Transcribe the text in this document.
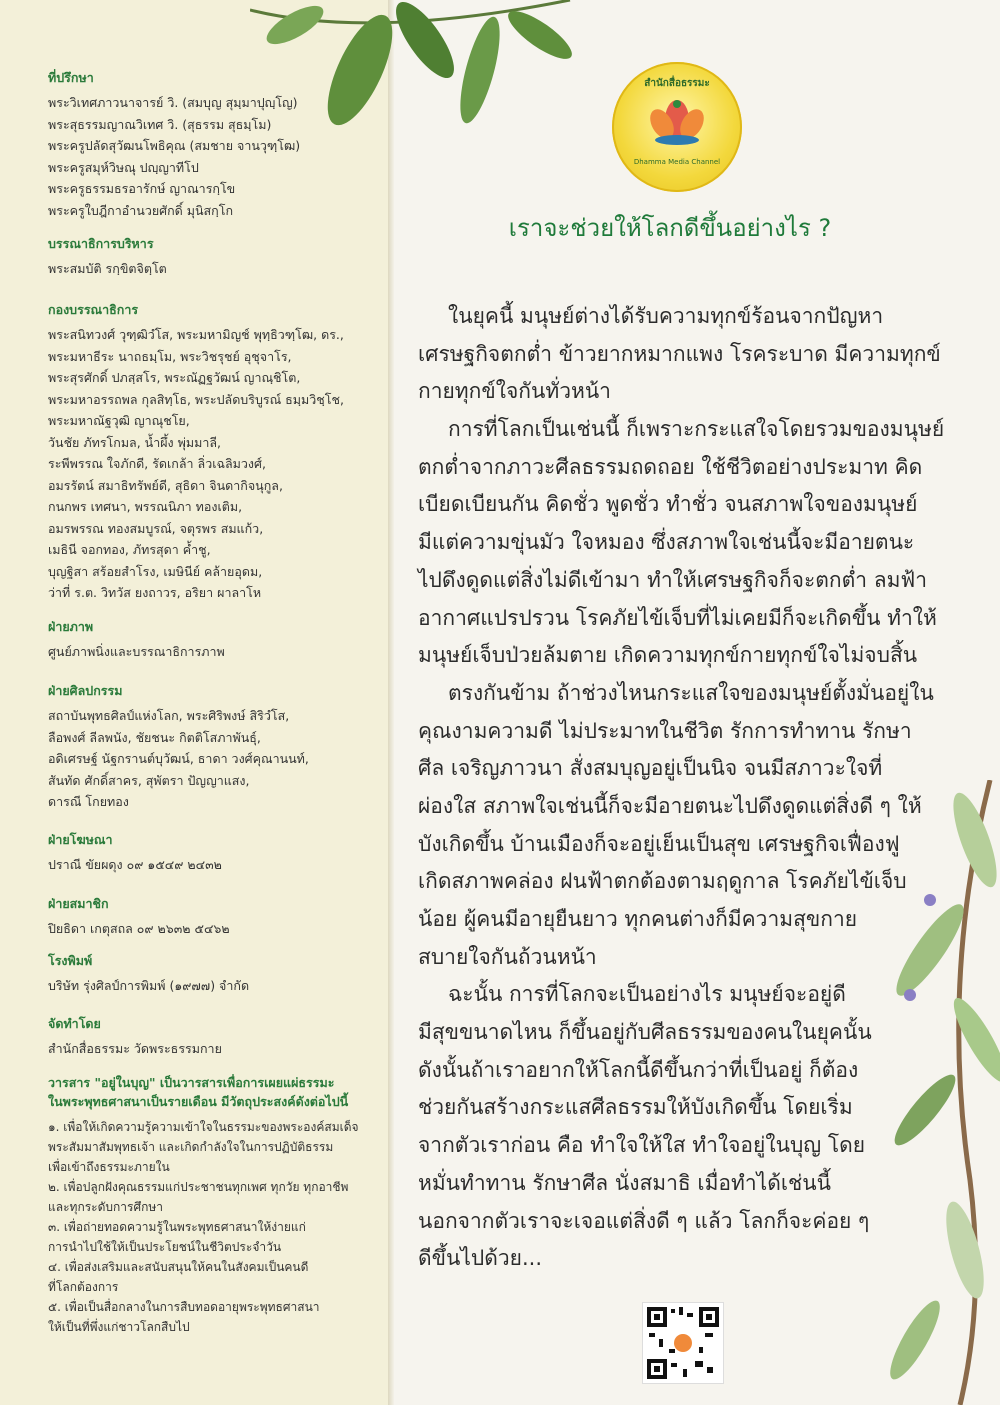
ที่ปรึกษา
พระวิเทศภาวนาจารย์ วิ. (สมบุญ สุมฺมาปุญฺโญ)
พระสุธรรมญาณวิเทศ วิ. (สุธรรม สุธมฺโม)
พระครูปลัดสุวัฒนโพธิคุณ (สมชาย จานวุฑฺโฒ)
พระครูสมุห์วิษณุ ปญฺญาทีโป
พระครูธรรมธรอารักษ์ ญาณารกฺโข
พระครูใบฎีกาอำนวยศักดิ์ มุนิสกฺโก
บรรณาธิการบริหาร
พระสมบัติ รกฺขิตจิตฺโต
กองบรรณาธิการ
พระสนิทวงศ์ วุฑฺฒิวํโส, พระมหามิญช์ พุทฺธิวฑฺโฒ, ดร.,
พระมหาธีระ นาถธมฺโม, พระวิชรุชย์ อุชุจาโร,
พระสุรศักดิ์ ปภสฺสโร, พระณัฏฐวัฒน์ ญาณฺชิโต,
พระมหาอรรถพล กุลสิทฺโธ, พระปลัดบริบูรณ์ ธมฺมวิชฺโช,
พระมหาณัฐวุฒิ ญาณุชโย,
วันชัย ภัทรโกมล, น้ำผึ้ง พุ่มมาลี,
ระพีพรรณ ใจภักดี, รัดเกล้า ลิ่วเฉลิมวงศ์,
อมรรัตน์ สมาธิทรัพย์ดี, สุธิดา จินดากิจนุกูล,
กนกพร เทศนา, พรรณนิภา ทองเติม,
อมรพรรณ ทองสมบูรณ์, จตุรพร สมแก้ว,
เมธินี จอกทอง, ภัทรสุดา ค้ำชู,
บุญฐิสา สร้อยสำโรง, เมษินีย์ คล้ายอุดม,
ว่าที่ ร.ต. วิทวัส ยงถาวร, อริยา ผาลาโห
ฝ่ายภาพ
ศูนย์ภาพนิ่งและบรรณาธิการภาพ
ฝ่ายศิลปกรรม
สถาบันพุทธศิลป์แห่งโลก, พระศิริพงษ์ สิริวํโส,
ลือพงศ์ ลีลพนัง, ชัยชนะ กิตติโสภาพันธุ์,
อดิเศรษฐ์ นัฐกรานต์บุวัฒน์, ธาดา วงศ์คุณานนท์,
สันทัด ศักดิ์สาคร, สุพัตรา ปัญญาแสง,
ดารณี โกยทอง
ฝ่ายโฆษณา
ปราณี ขัยผดุง ๐๙ ๑๕๔๙ ๒๔๓๒
ฝ่ายสมาชิก
ปิยธิดา เกตุสถล ๐๙ ๒๖๓๒ ๕๔๖๒
โรงพิมพ์
บริษัท รุ่งศิลป์การพิมพ์ (๑๙๗๗) จำกัด
จัดทำโดย
สำนักสื่อธรรมะ วัดพระธรรมกาย
วารสาร "อยู่ในบุญ" เป็นวารสารเพื่อการเผยแผ่ธรรมะ
ในพระพุทธศาสนาเป็นรายเดือน มีวัตถุประสงค์ดังต่อไปนี้
๑. เพื่อให้เกิดความรู้ความเข้าใจในธรรมะของพระองค์สมเด็จ
พระสัมมาสัมพุทธเจ้า และเกิดกำลังใจในการปฏิบัติธรรม
เพื่อเข้าถึงธรรมะภายใน
๒. เพื่อปลูกฝังคุณธรรมแก่ประชาชนทุกเพศ ทุกวัย ทุกอาชีพ
และทุกระดับการศึกษา
๓. เพื่อถ่ายทอดความรู้ในพระพุทธศาสนาให้ง่ายแก่
การนำไปใช้ให้เป็นประโยชน์ในชีวิตประจำวัน
๔. เพื่อส่งเสริมและสนับสนุนให้คนในสังคมเป็นคนดี
ที่โลกต้องการ
๕. เพื่อเป็นสื่อกลางในการสืบทอดอายุพระพุทธศาสนา
ให้เป็นที่พึ่งแก่ชาวโลกสืบไป
สำนักสื่อธรรมะ
Dhamma Media Channel
เราจะช่วยให้โลกดีขึ้นอย่างไร ?
ในยุคนี้ มนุษย์ต่างได้รับความทุกข์ร้อนจากปัญหา
เศรษฐกิจตกต่ำ ข้าวยากหมากแพง โรคระบาด มีความทุกข์
กายทุกข์ใจกันทั่วหน้า
การที่โลกเป็นเช่นนี้ ก็เพราะกระแสใจโดยรวมของมนุษย์
ตกต่ำจากภาวะศีลธรรมถดถอย ใช้ชีวิตอย่างประมาท คิด
เบียดเบียนกัน คิดชั่ว พูดชั่ว ทำชั่ว จนสภาพใจของมนุษย์
มีแต่ความขุ่นมัว ใจหมอง ซึ่งสภาพใจเช่นนี้จะมีอายตนะ
ไปดึงดูดแต่สิ่งไม่ดีเข้ามา ทำให้เศรษฐกิจก็จะตกต่ำ ลมฟ้า
อากาศแปรปรวน โรคภัยไข้เจ็บที่ไม่เคยมีก็จะเกิดขึ้น ทำให้
มนุษย์เจ็บป่วยล้มตาย เกิดความทุกข์กายทุกข์ใจไม่จบสิ้น
ตรงกันข้าม ถ้าช่วงไหนกระแสใจของมนุษย์ตั้งมั่นอยู่ใน
คุณงามความดี ไม่ประมาทในชีวิต รักการทำทาน รักษา
ศีล เจริญภาวนา สั่งสมบุญอยู่เป็นนิจ จนมีสภาวะใจที่
ผ่องใส สภาพใจเช่นนี้ก็จะมีอายตนะไปดึงดูดแต่สิ่งดี ๆ ให้
บังเกิดขึ้น บ้านเมืองก็จะอยู่เย็นเป็นสุข เศรษฐกิจเฟื่องฟู
เกิดสภาพคล่อง ฝนฟ้าตกต้องตามฤดูกาล โรคภัยไข้เจ็บ
น้อย ผู้คนมีอายุยืนยาว ทุกคนต่างก็มีความสุขกาย
สบายใจกันถ้วนหน้า
ฉะนั้น การที่โลกจะเป็นอย่างไร มนุษย์จะอยู่ดี
มีสุขขนาดไหน ก็ขึ้นอยู่กับศีลธรรมของคนในยุคนั้น
ดังนั้นถ้าเราอยากให้โลกนี้ดีขึ้นกว่าที่เป็นอยู่ ก็ต้อง
ช่วยกันสร้างกระแสศีลธรรมให้บังเกิดขึ้น โดยเริ่ม
จากตัวเราก่อน คือ ทำใจให้ใส ทำใจอยู่ในบุญ โดย
หมั่นทำทาน รักษาศีล นั่งสมาธิ เมื่อทำได้เช่นนี้
นอกจากตัวเราจะเจอแต่สิ่งดี ๆ แล้ว โลกก็จะค่อย ๆ
ดีขึ้นไปด้วย...
